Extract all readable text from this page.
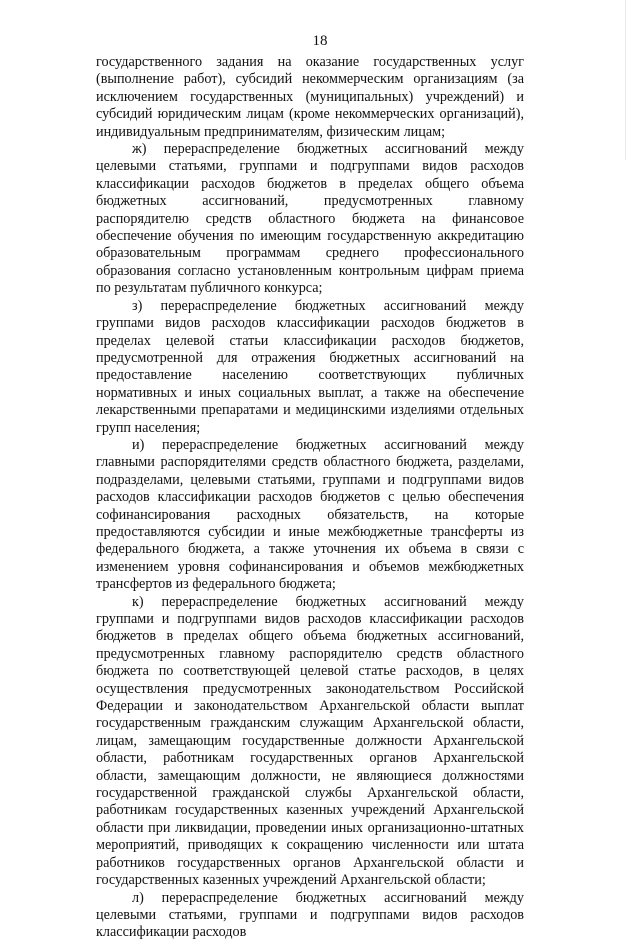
18

государственного задания на оказание государственных услуг (выполнение работ), субсидий некоммерческим организациям (за исключением государственных (муниципальных) учреждений) и субсидий юридическим лицам (кроме некоммерческих организаций), индивидуальным предпринимателям, физическим лицам;

ж) перераспределение бюджетных ассигнований между целевыми статьями, группами и подгруппами видов расходов классификации расходов бюджетов в пределах общего объема бюджетных ассигнований, предусмотренных главному распорядителю средств областного бюджета на финансовое обеспечение обучения по имеющим государственную аккредитацию образовательным программам среднего профессионального образования согласно установленным контрольным цифрам приема по результатам публичного конкурса;

з) перераспределение бюджетных ассигнований между группами видов расходов классификации расходов бюджетов в пределах целевой статьи классификации расходов бюджетов, предусмотренной для отражения бюджетных ассигнований на предоставление населению соответствующих публичных нормативных и иных социальных выплат, а также на обеспечение лекарственными препаратами и медицинскими изделиями отдельных групп населения;

и) перераспределение бюджетных ассигнований между главными распорядителями средств областного бюджета, разделами, подразделами, целевыми статьями, группами и подгруппами видов расходов классификации расходов бюджетов с целью обеспечения софинансирования расходных обязательств, на которые предоставляются субсидии и иные межбюджетные трансферты из федерального бюджета, а также уточнения их объема в связи с изменением уровня софинансирования и объемов межбюджетных трансфертов из федерального бюджета;

к) перераспределение бюджетных ассигнований между группами и подгруппами видов расходов классификации расходов бюджетов в пределах общего объема бюджетных ассигнований, предусмотренных главному распорядителю средств областного бюджета по соответствующей целевой статье расходов, в целях осуществления предусмотренных законодательством Российской Федерации и законодательством Архангельской области выплат государственным гражданским служащим Архангельской области, лицам, замещающим государственные должности Архангельской области, работникам государственных органов Архангельской области, замещающим должности, не являющиеся должностями государственной гражданской службы Архангельской области, работникам государственных казенных учреждений Архангельской области при ликвидации, проведении иных организационно-штатных мероприятий, приводящих к сокращению численности или штата работников государственных органов Архангельской области и государственных казенных учреждений Архангельской области;

л) перераспределение бюджетных ассигнований между целевыми статьями, группами и подгруппами видов расходов классификации расходов
